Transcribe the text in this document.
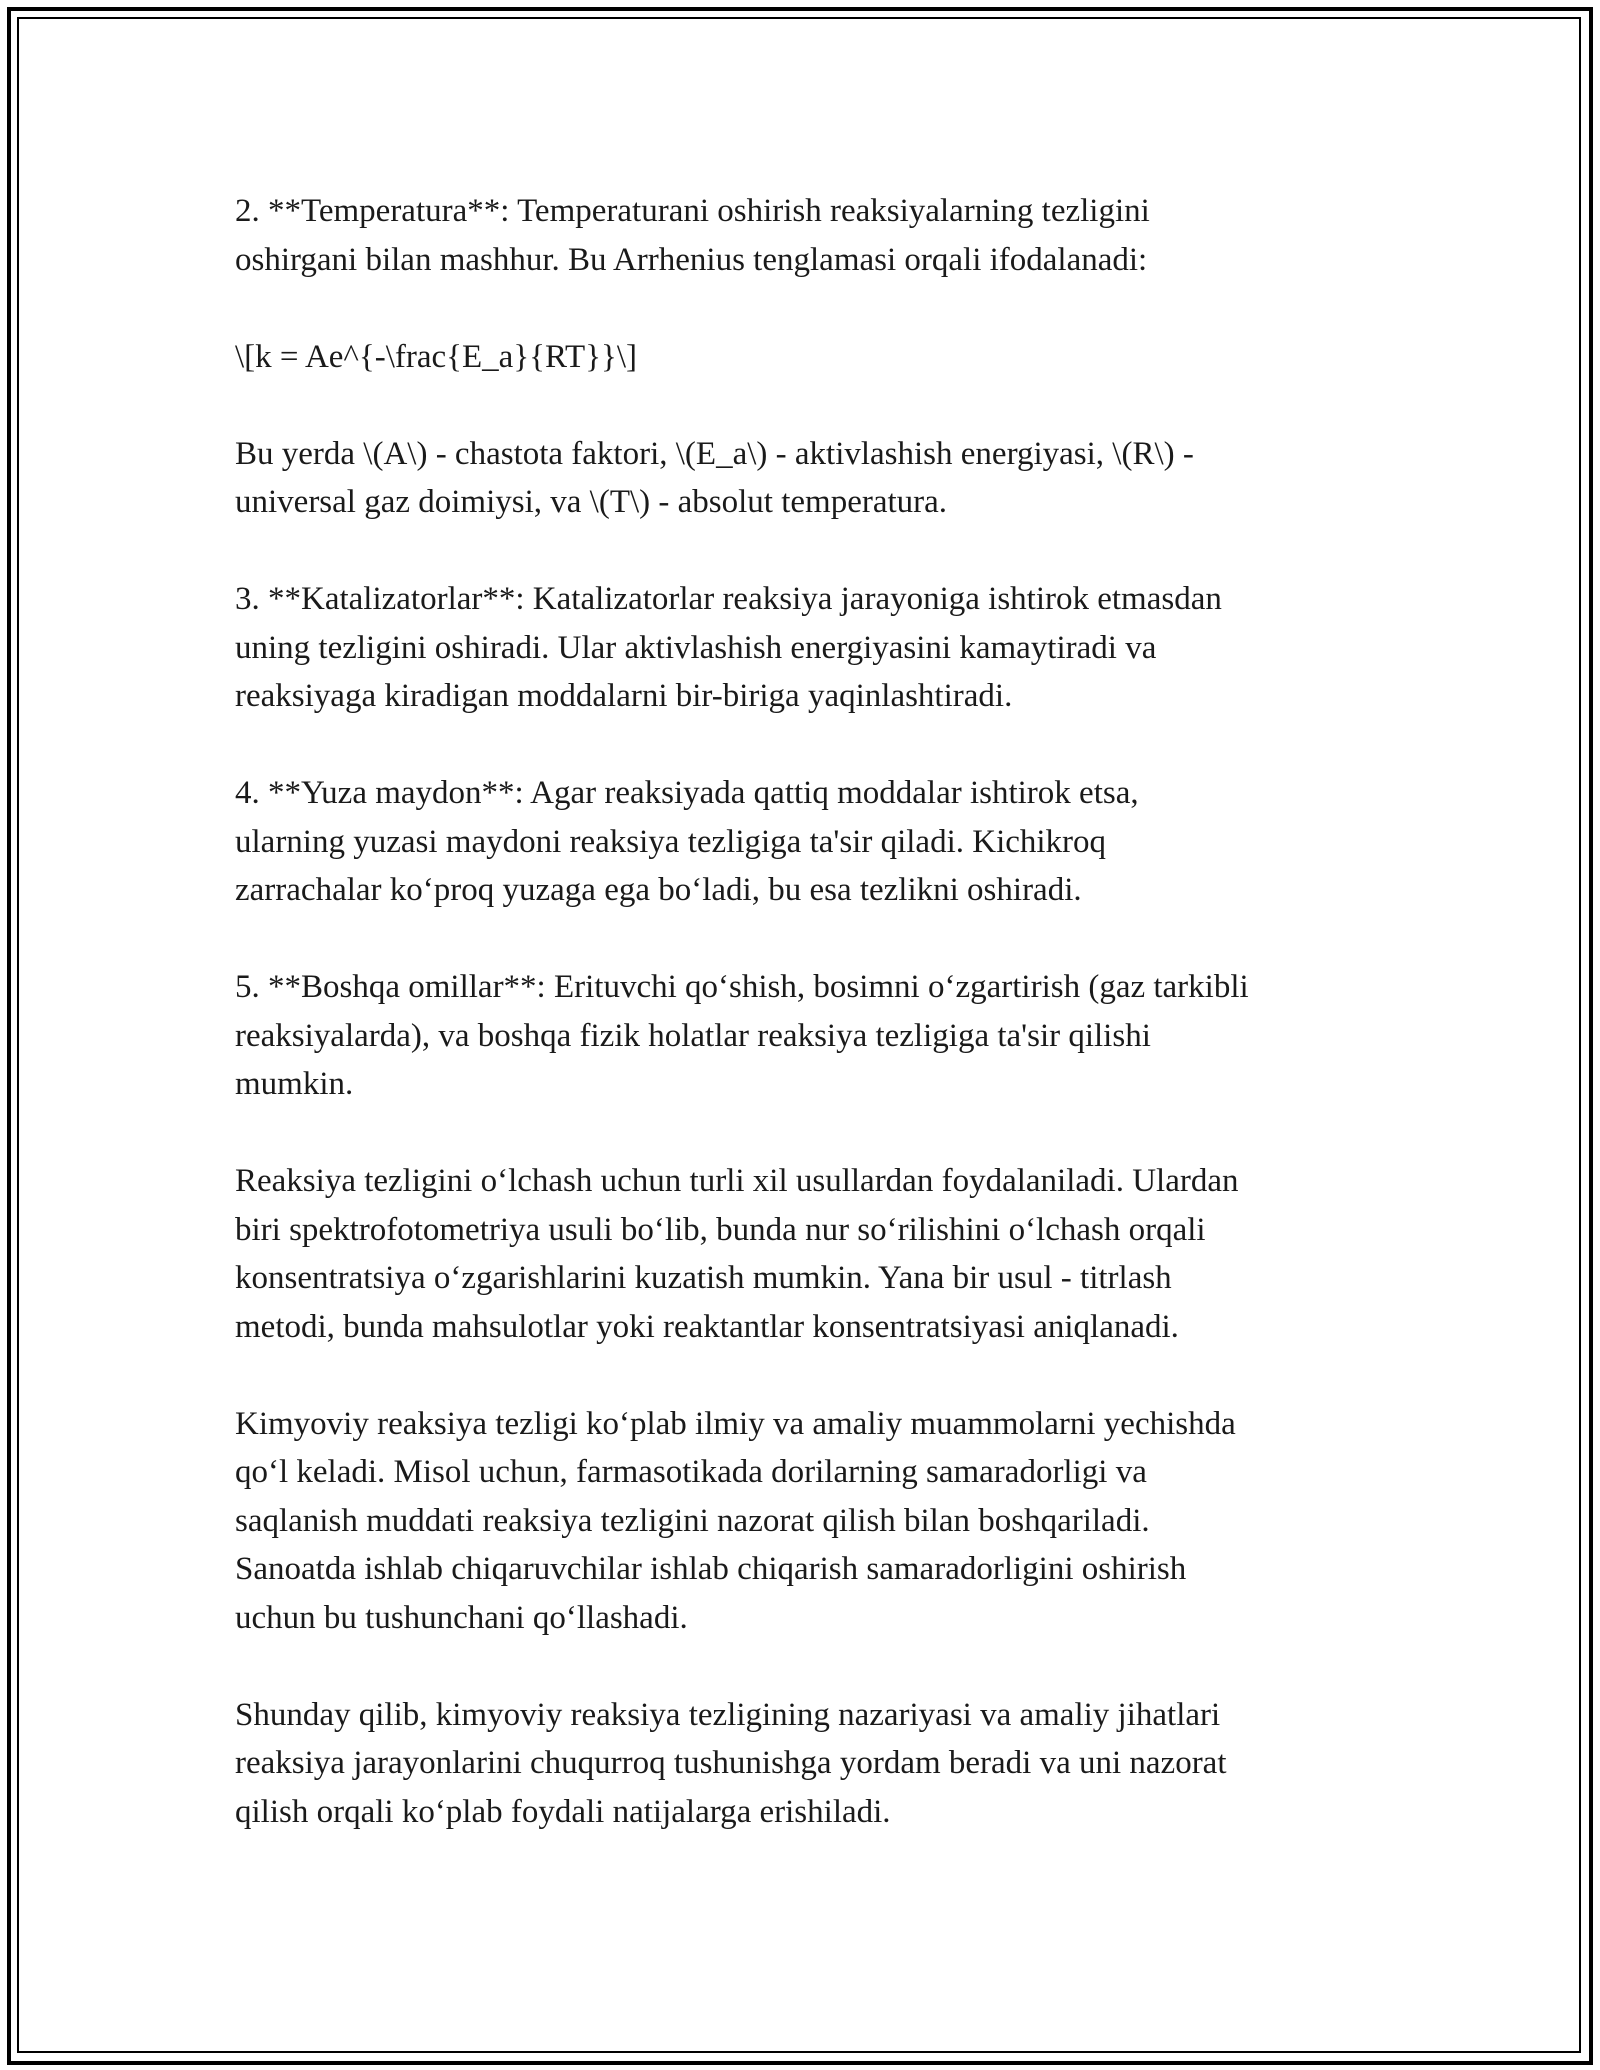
2. **Temperatura**: Temperaturani oshirish reaksiyalarning tezligini
oshirgani bilan mashhur. Bu Arrhenius tenglamasi orqali ifodalanadi:

\[k = Ae^{-\frac{E_a}{RT}}\]

Bu yerda \(A\) - chastota faktori, \(E_a\) - aktivlashish energiyasi, \(R\) -
universal gaz doimiysi, va \(T\) - absolut temperatura.

3. **Katalizatorlar**: Katalizatorlar reaksiya jarayoniga ishtirok etmasdan
uning tezligini oshiradi. Ular aktivlashish energiyasini kamaytiradi va
reaksiyaga kiradigan moddalarni bir-biriga yaqinlashtiradi.

4. **Yuza maydon**: Agar reaksiyada qattiq moddalar ishtirok etsa,
ularning yuzasi maydoni reaksiya tezligiga ta'sir qiladi. Kichikroq
zarrachalar koʻproq yuzaga ega boʻladi, bu esa tezlikni oshiradi.

5. **Boshqa omillar**: Erituvchi qoʻshish, bosimni oʻzgartirish (gaz tarkibli
reaksiyalarda), va boshqa fizik holatlar reaksiya tezligiga ta'sir qilishi
mumkin.

Reaksiya tezligini oʻlchash uchun turli xil usullardan foydalaniladi. Ulardan
biri spektrofotometriya usuli boʻlib, bunda nur soʻrilishini oʻlchash orqali
konsentratsiya oʻzgarishlarini kuzatish mumkin. Yana bir usul - titrlash
metodi, bunda mahsulotlar yoki reaktantlar konsentratsiyasi aniqlanadi.

Kimyoviy reaksiya tezligi koʻplab ilmiy va amaliy muammolarni yechishda
qoʻl keladi. Misol uchun, farmasotikada dorilarning samaradorligi va
saqlanish muddati reaksiya tezligini nazorat qilish bilan boshqariladi.
Sanoatda ishlab chiqaruvchilar ishlab chiqarish samaradorligini oshirish
uchun bu tushunchani qoʻllashadi.

Shunday qilib, kimyoviy reaksiya tezligining nazariyasi va amaliy jihatlari
reaksiya jarayonlarini chuqurroq tushunishga yordam beradi va uni nazorat
qilish orqali koʻplab foydali natijalarga erishiladi.
